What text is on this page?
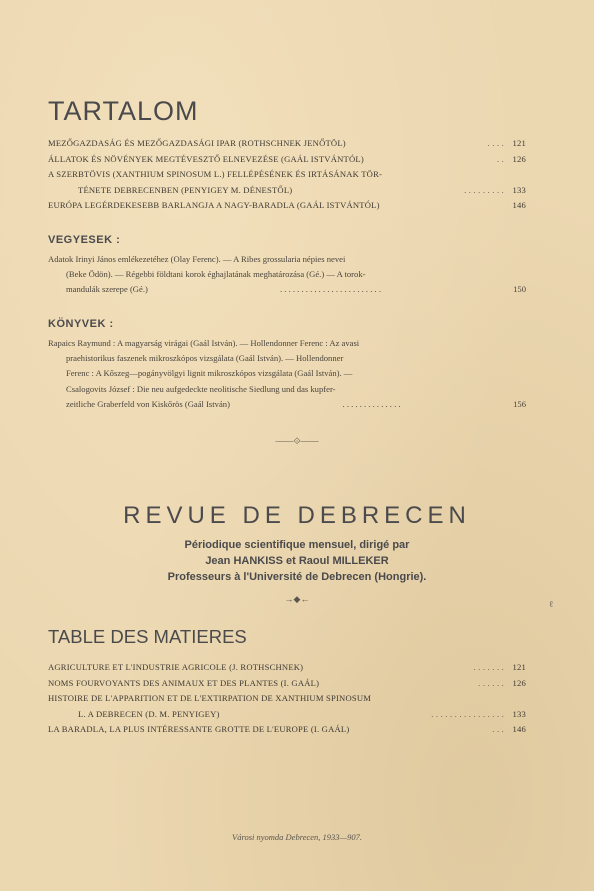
TARTALOM
MEZŐGAZDASÁG ÉS MEZŐGAZDASÁGI IPAR (ROTHSCHNEK JENŐTÖL)	. . . . 121
ÁLLATOK ÉS NÖVÉNYEK MEGTÉVESZTŐ ELNEVEZÉSE (GAÁL ISTVÁNTÓL)	. . 126
A SZERBTÖVIS (XANTHIUM SPINOSUM L.) FELLÉPÉSÉNEK ÉS IRTÁSÁNAK TÖR-
TÉNETE DEBRECENBEN (PENYIGEY M. DÉNESTŐL)	. . . . . . . . . 133
EURÓPA LEGÉRDEKESEBB BARLANGJA A NAGY-BARADLA (GAÁL ISTVÁNTÓL)	146
VEGYESEK :
Adatok Irinyi János emlékezetéhez (Olay Ferenc). — A Ribes grossularia népies nevei
(Beke Ödön). — Régebbi földtani korok éghajlatának meghatározása (Gé.) — A torok-
mandulák szerepe (Gé.)	. . . . . . . . . . . . . . . . . . . . . . . .	150
KÖNYVEK :
Rapaics Raymund : A magyarság virágai (Gaál István). — Hollendonner Ferenc : Az avasi
praehistorikus faszenek mikroszkópos vizsgálata (Gaál István). — Hollendonner
Ferenc : A Kőszeg—pogányvölgyi lignit mikroszkópos vizsgálata (Gaál István). —
Csalogovits József : Die neu aufgedeckte neolitische Siedlung und das kupfer-
zeitliche Graberfeld von Kiskőrös (Gaál István)	. . . . . . . . . . . . . .	156
——⟐——
REVUE DE DEBRECEN
Périodique scientifique mensuel, dirigé par
Jean HANKISS et Raoul MILLEKER
Professeurs à l'Université de Debrecen (Hongrie).
→◆←	ℓ
TABLE DES MATIERES
AGRICULTURE ET L'INDUSTRIE AGRICOLE (J. ROTHSCHNEK)	. . . . . . . 121
NOMS FOURVOYANTS DES ANIMAUX ET DES PLANTES (I. GAÁL)	. . . . . . 126
HISTOIRE DE L'APPARITION ET DE L'EXTIRPATION DE XANTHIUM SPINOSUM
L. A DEBRECEN (D. M. PENYIGEY)	. . . . . . . . . . . . . . . . 133
LA BARADLA, LA PLUS INTÉRESSANTE GROTTE DE L'EUROPE (I. GAÁL)	. . . 146
Városi nyomda Debrecen, 1933—907.
